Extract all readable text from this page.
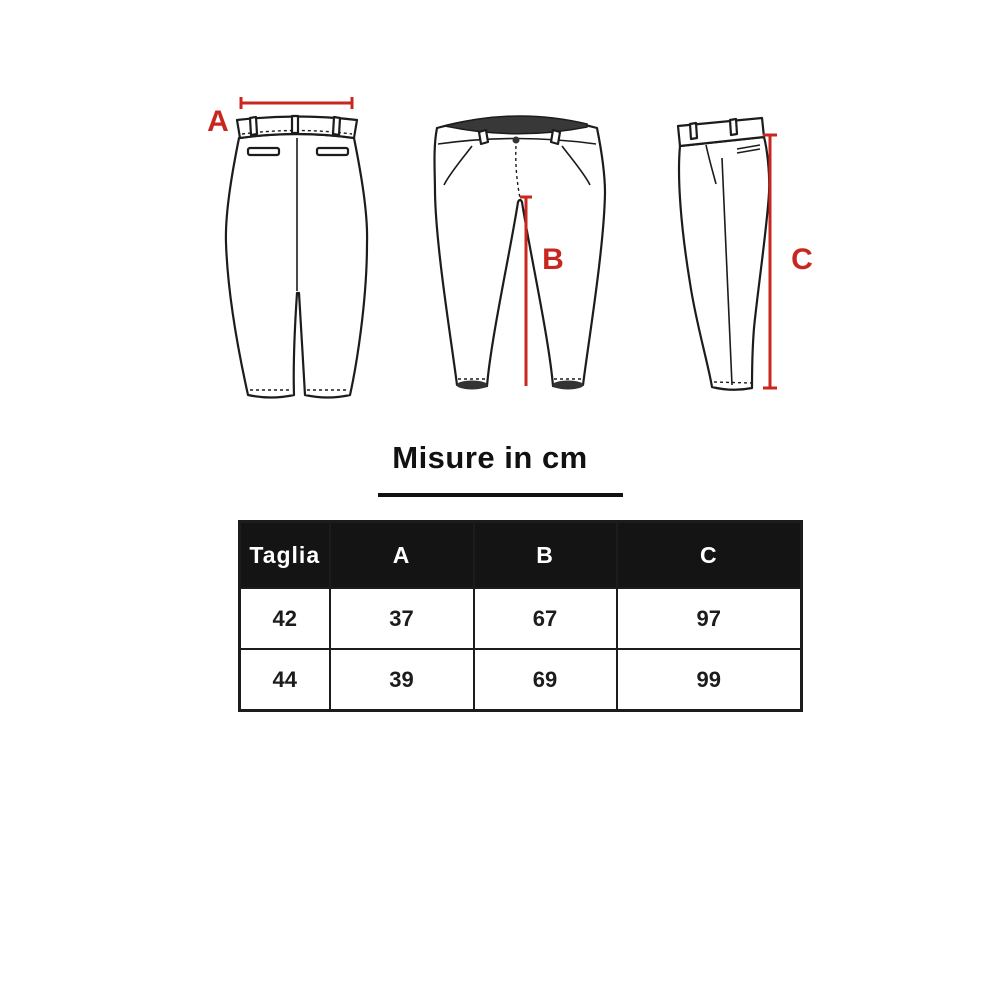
A
B	C
Misure in cm
Taglia	A	B	C
42	37	67	97
44	39	69	99
